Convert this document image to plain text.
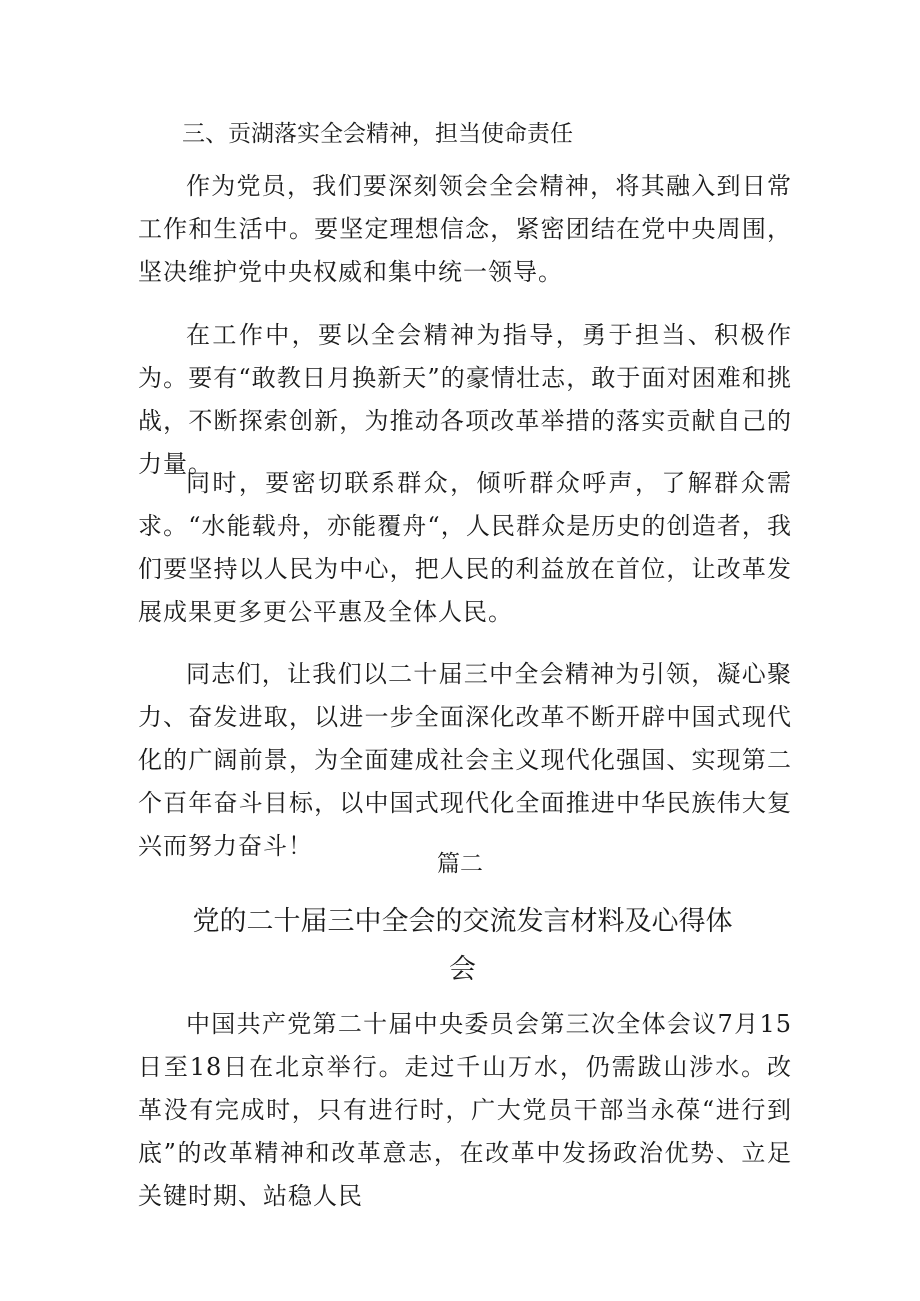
三、贡湖落实全会精神，担当使命责任

作为党员，我们要深刻领会全会精神，将其融入到日常工作和生活中。要坚定理想信念，紧密团结在党中央周围，坚决维护党中央权威和集中统一领导。

在工作中，要以全会精神为指导，勇于担当、积极作为。要有“敢教日月换新天”的豪情壮志，敢于面对困难和挑战，不断探索创新，为推动各项改革举措的落实贡献自己的力量。

同时，要密切联系群众，倾听群众呼声，了解群众需求。“水能载舟，亦能覆舟“，人民群众是历史的创造者，我们要坚持以人民为中心，把人民的利益放在首位，让改革发展成果更多更公平惠及全体人民。

同志们，让我们以二十届三中全会精神为引领，凝心聚力、奋发进取，以进一步全面深化改革不断开辟中国式现代化的广阔前景，为全面建成社会主义现代化强国、实现第二个百年奋斗目标，以中国式现代化全面推进中华民族伟大复兴而努力奋斗！

篇二

党的二十届三中全会的交流发言材料及心得体会

中国共产党第二十届中央委员会第三次全体会议7月15日至18日在北京举行。走过千山万水，仍需跋山涉水。改革没有完成时，只有进行时，广大党员干部当永葆“进行到底”的改革精神和改革意志，在改革中发扬政治优势、立足关键时期、站稳人民
